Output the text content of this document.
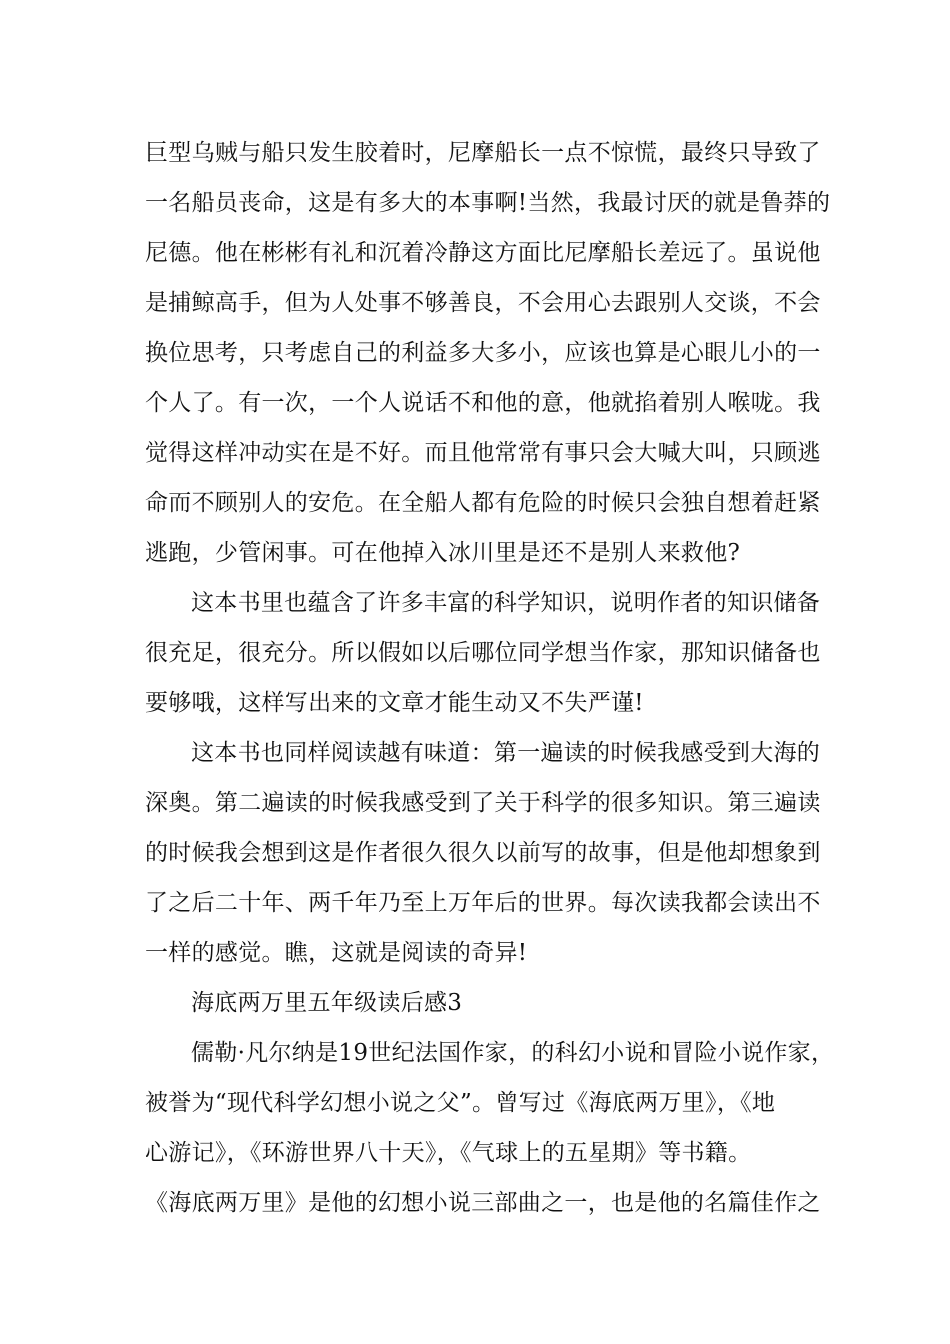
巨型乌贼与船只发生胶着时，尼摩船长一点不惊慌，最终只导致了
一名船员丧命，这是有多大的本事啊!当然，我最讨厌的就是鲁莽的
尼德。他在彬彬有礼和沉着冷静这方面比尼摩船长差远了。虽说他
是捕鲸高手，但为人处事不够善良，不会用心去跟别人交谈，不会
换位思考，只考虑自己的利益多大多小，应该也算是心眼儿小的一
个人了。有一次，一个人说话不和他的意，他就掐着别人喉咙。我
觉得这样冲动实在是不好。而且他常常有事只会大喊大叫，只顾逃
命而不顾别人的安危。在全船人都有危险的时候只会独自想着赶紧
逃跑，少管闲事。可在他掉入冰川里是还不是别人来救他?
这本书里也蕴含了许多丰富的科学知识，说明作者的知识储备
很充足，很充分。所以假如以后哪位同学想当作家，那知识储备也
要够哦，这样写出来的文章才能生动又不失严谨!
这本书也同样阅读越有味道：第一遍读的时候我感受到大海的
深奥。第二遍读的时候我感受到了关于科学的很多知识。第三遍读
的时候我会想到这是作者很久很久以前写的故事，但是他却想象到
了之后二十年、两千年乃至上万年后的世界。每次读我都会读出不
一样的感觉。瞧，这就是阅读的奇异!
海底两万里五年级读后感3
儒勒·凡尔纳是19世纪法国作家，的科幻小说和冒险小说作家，
被誉为“现代科学幻想小说之父”。曾写过《海底两万里》，《地
心游记》，《环游世界八十天》，《气球上的五星期》等书籍。
《海底两万里》是他的幻想小说三部曲之一，也是他的名篇佳作之
